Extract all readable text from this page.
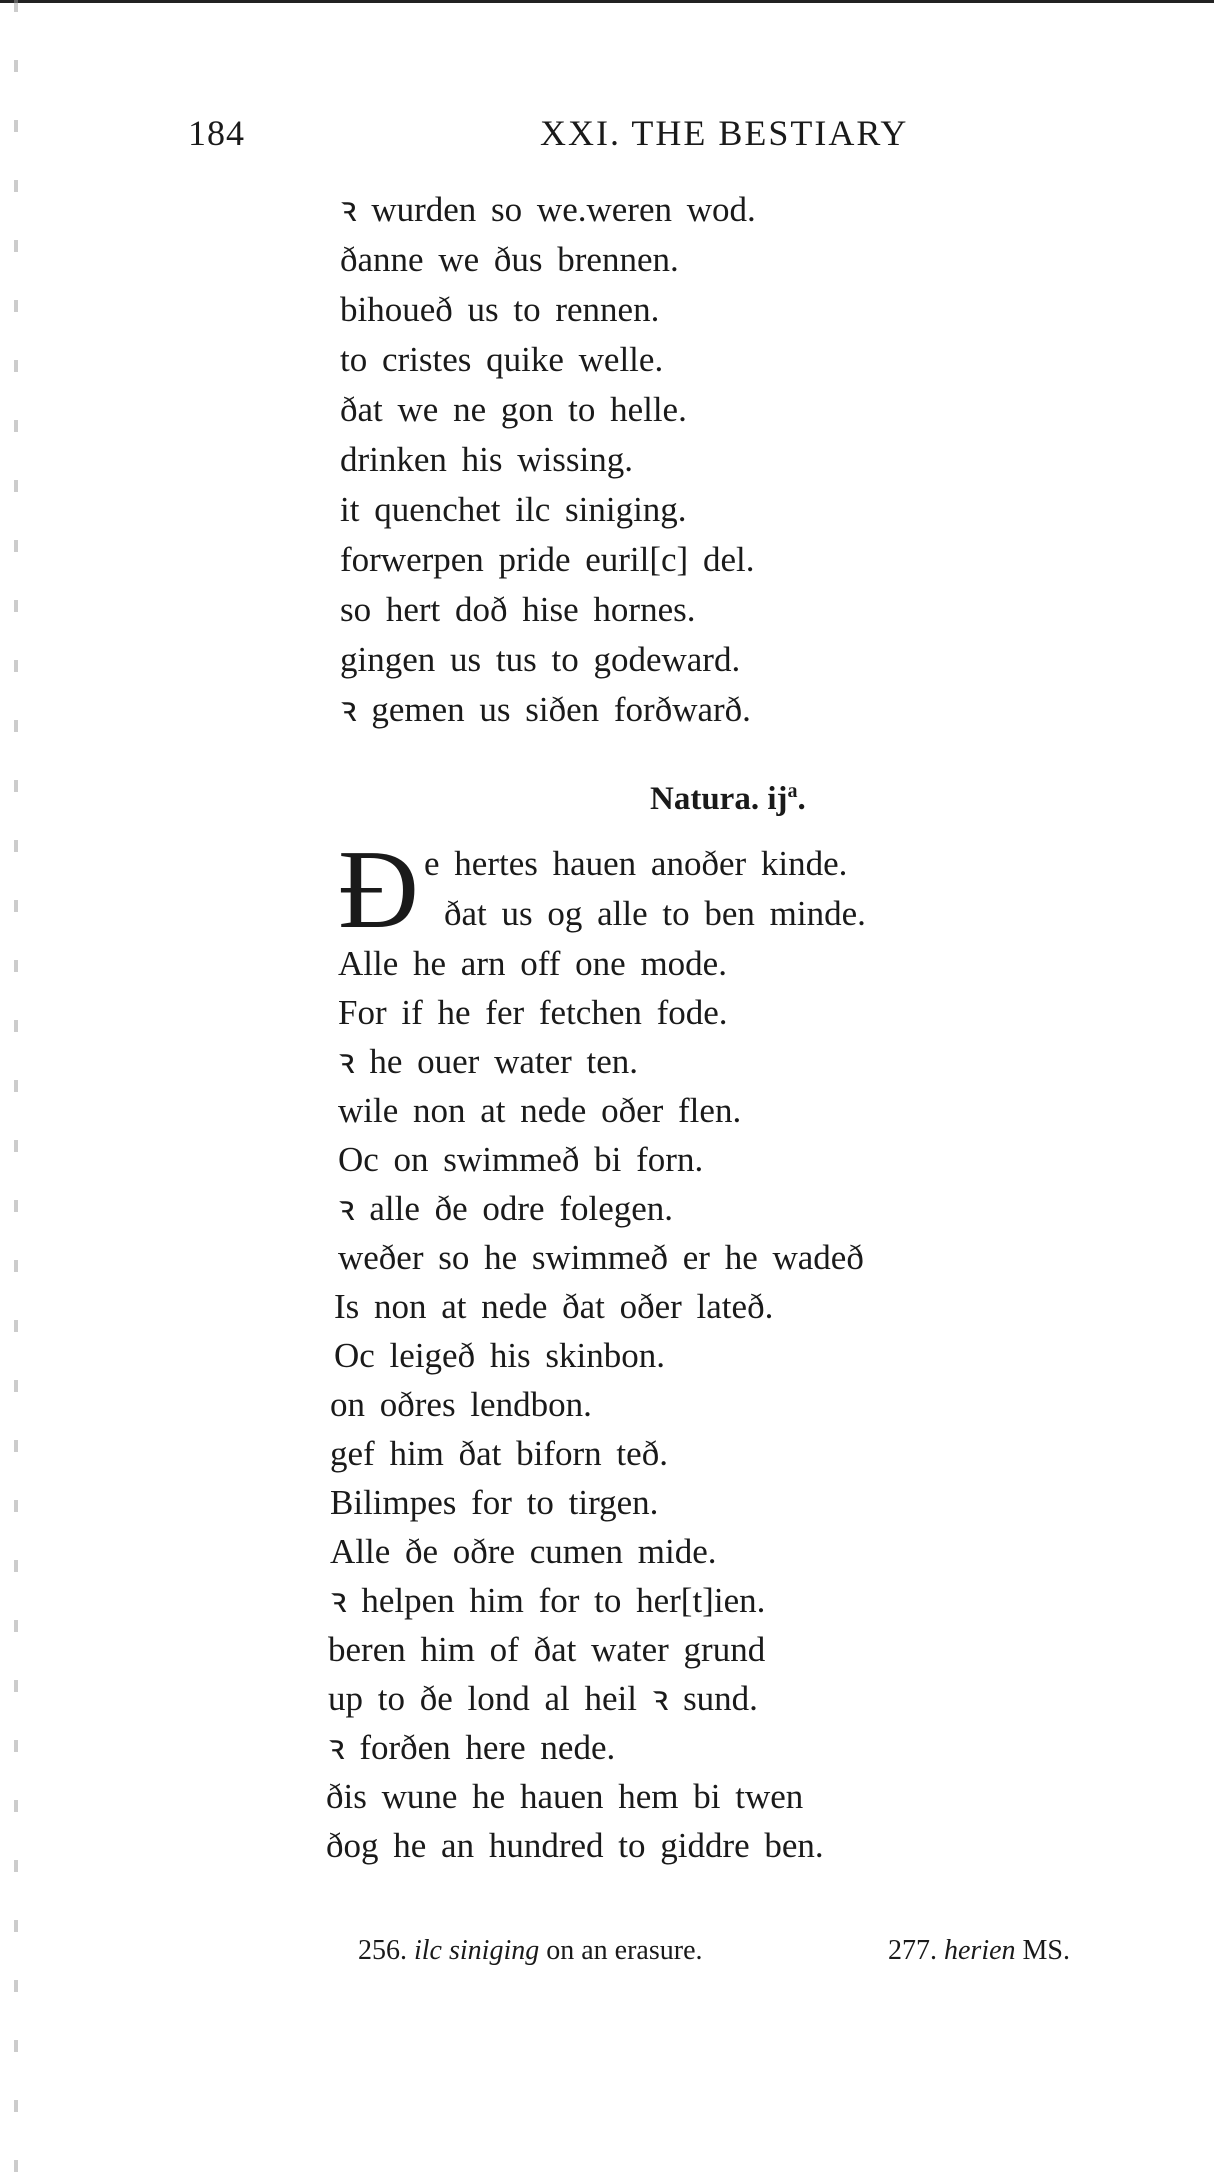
184	XXI. THE BESTIARY
ꝛ wurden so we.weren wod.
ðanne we ðus brennen.
bihoueð us to rennen.
to cristes quike welle.
ðat we ne gon to helle.
drinken his wissing.
it quenchet ilc siniging.
forwerpen pride euril[c] del.
so hert doð hise hornes.
gingen us tus to godeward.
ꝛ gemen us siðen forðwarð.
Natura. $ij^a$.
Ð e hertes hauen anoðer kinde.
ðat us og alle to ben minde.
Alle he arn off one mode.
For if he fer fetchen fode.
ꝛ he ouer water ten.
wile non at nede oðer flen.
Oc on swimmeð bi forn.
ꝛ alle ðe odre folegen.
weðer so he swimmeð er he wadeð
Is non at nede ðat oðer lateð.
Oc leigeð his skinbon.
on oðres lendbon.
gef him ðat biforn teð.
Bilimpes for to tirgen.
Alle ðe oðre cumen mide.
ꝛ helpen him for to her[t]ien.
beren him of ðat water grund
up to ðe lond al heil ꝛ sund.
ꝛ forðen here nede.
ðis wune he hauen hem bi twen
ðog he an hundred to giddre ben.
256. ilc siniging on an erasure.	277. herien MS.
